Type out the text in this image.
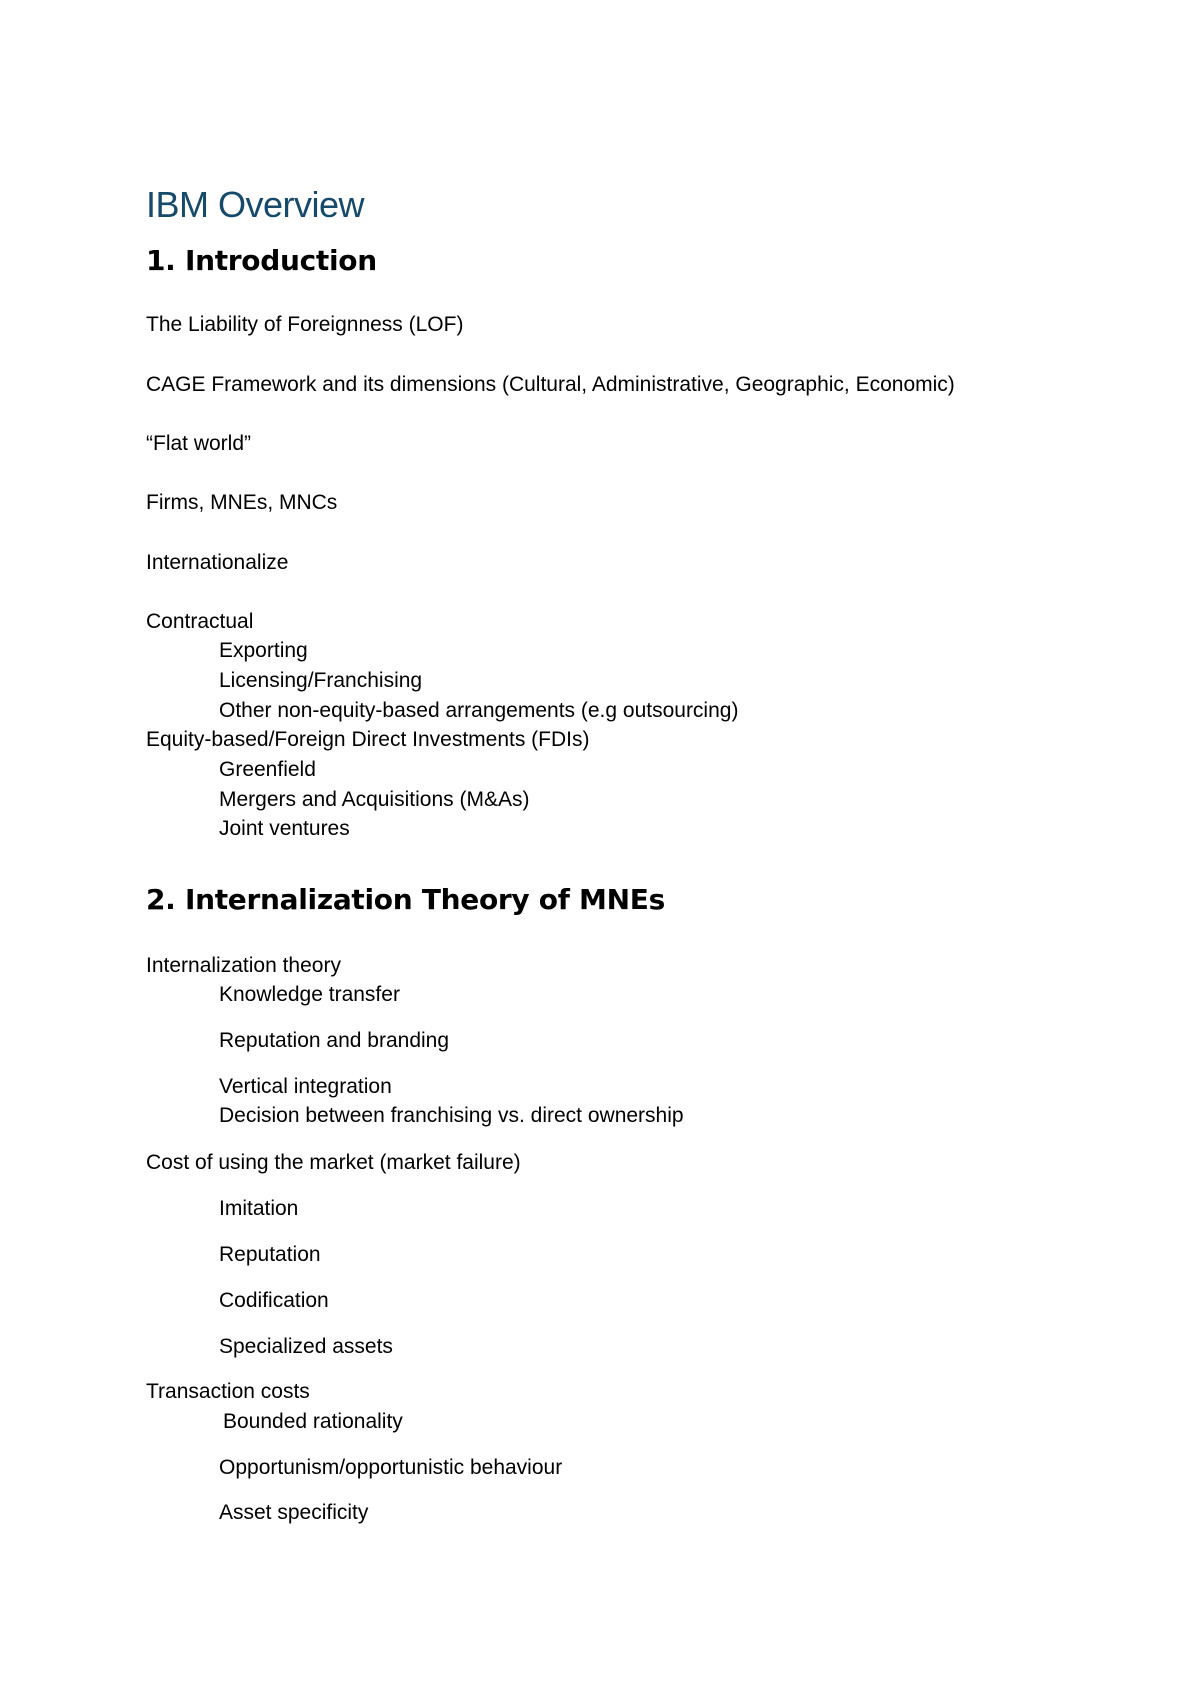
IBM Overview
1. Introduction
The Liability of Foreignness (LOF)
CAGE Framework and its dimensions (Cultural, Administrative, Geographic, Economic)
“Flat world”
Firms, MNEs, MNCs
Internationalize
Contractual
Exporting
Licensing/Franchising
Other non-equity-based arrangements (e.g outsourcing)
Equity-based/Foreign Direct Investments (FDIs)
Greenfield
Mergers and Acquisitions (M&As)
Joint ventures
2. Internalization Theory of MNEs
Internalization theory
Knowledge transfer
Reputation and branding
Vertical integration
Decision between franchising vs. direct ownership
Cost of using the market (market failure)
Imitation
Reputation
Codification
Specialized assets
Transaction costs
Bounded rationality
Opportunism/opportunistic behaviour
Asset specificity
